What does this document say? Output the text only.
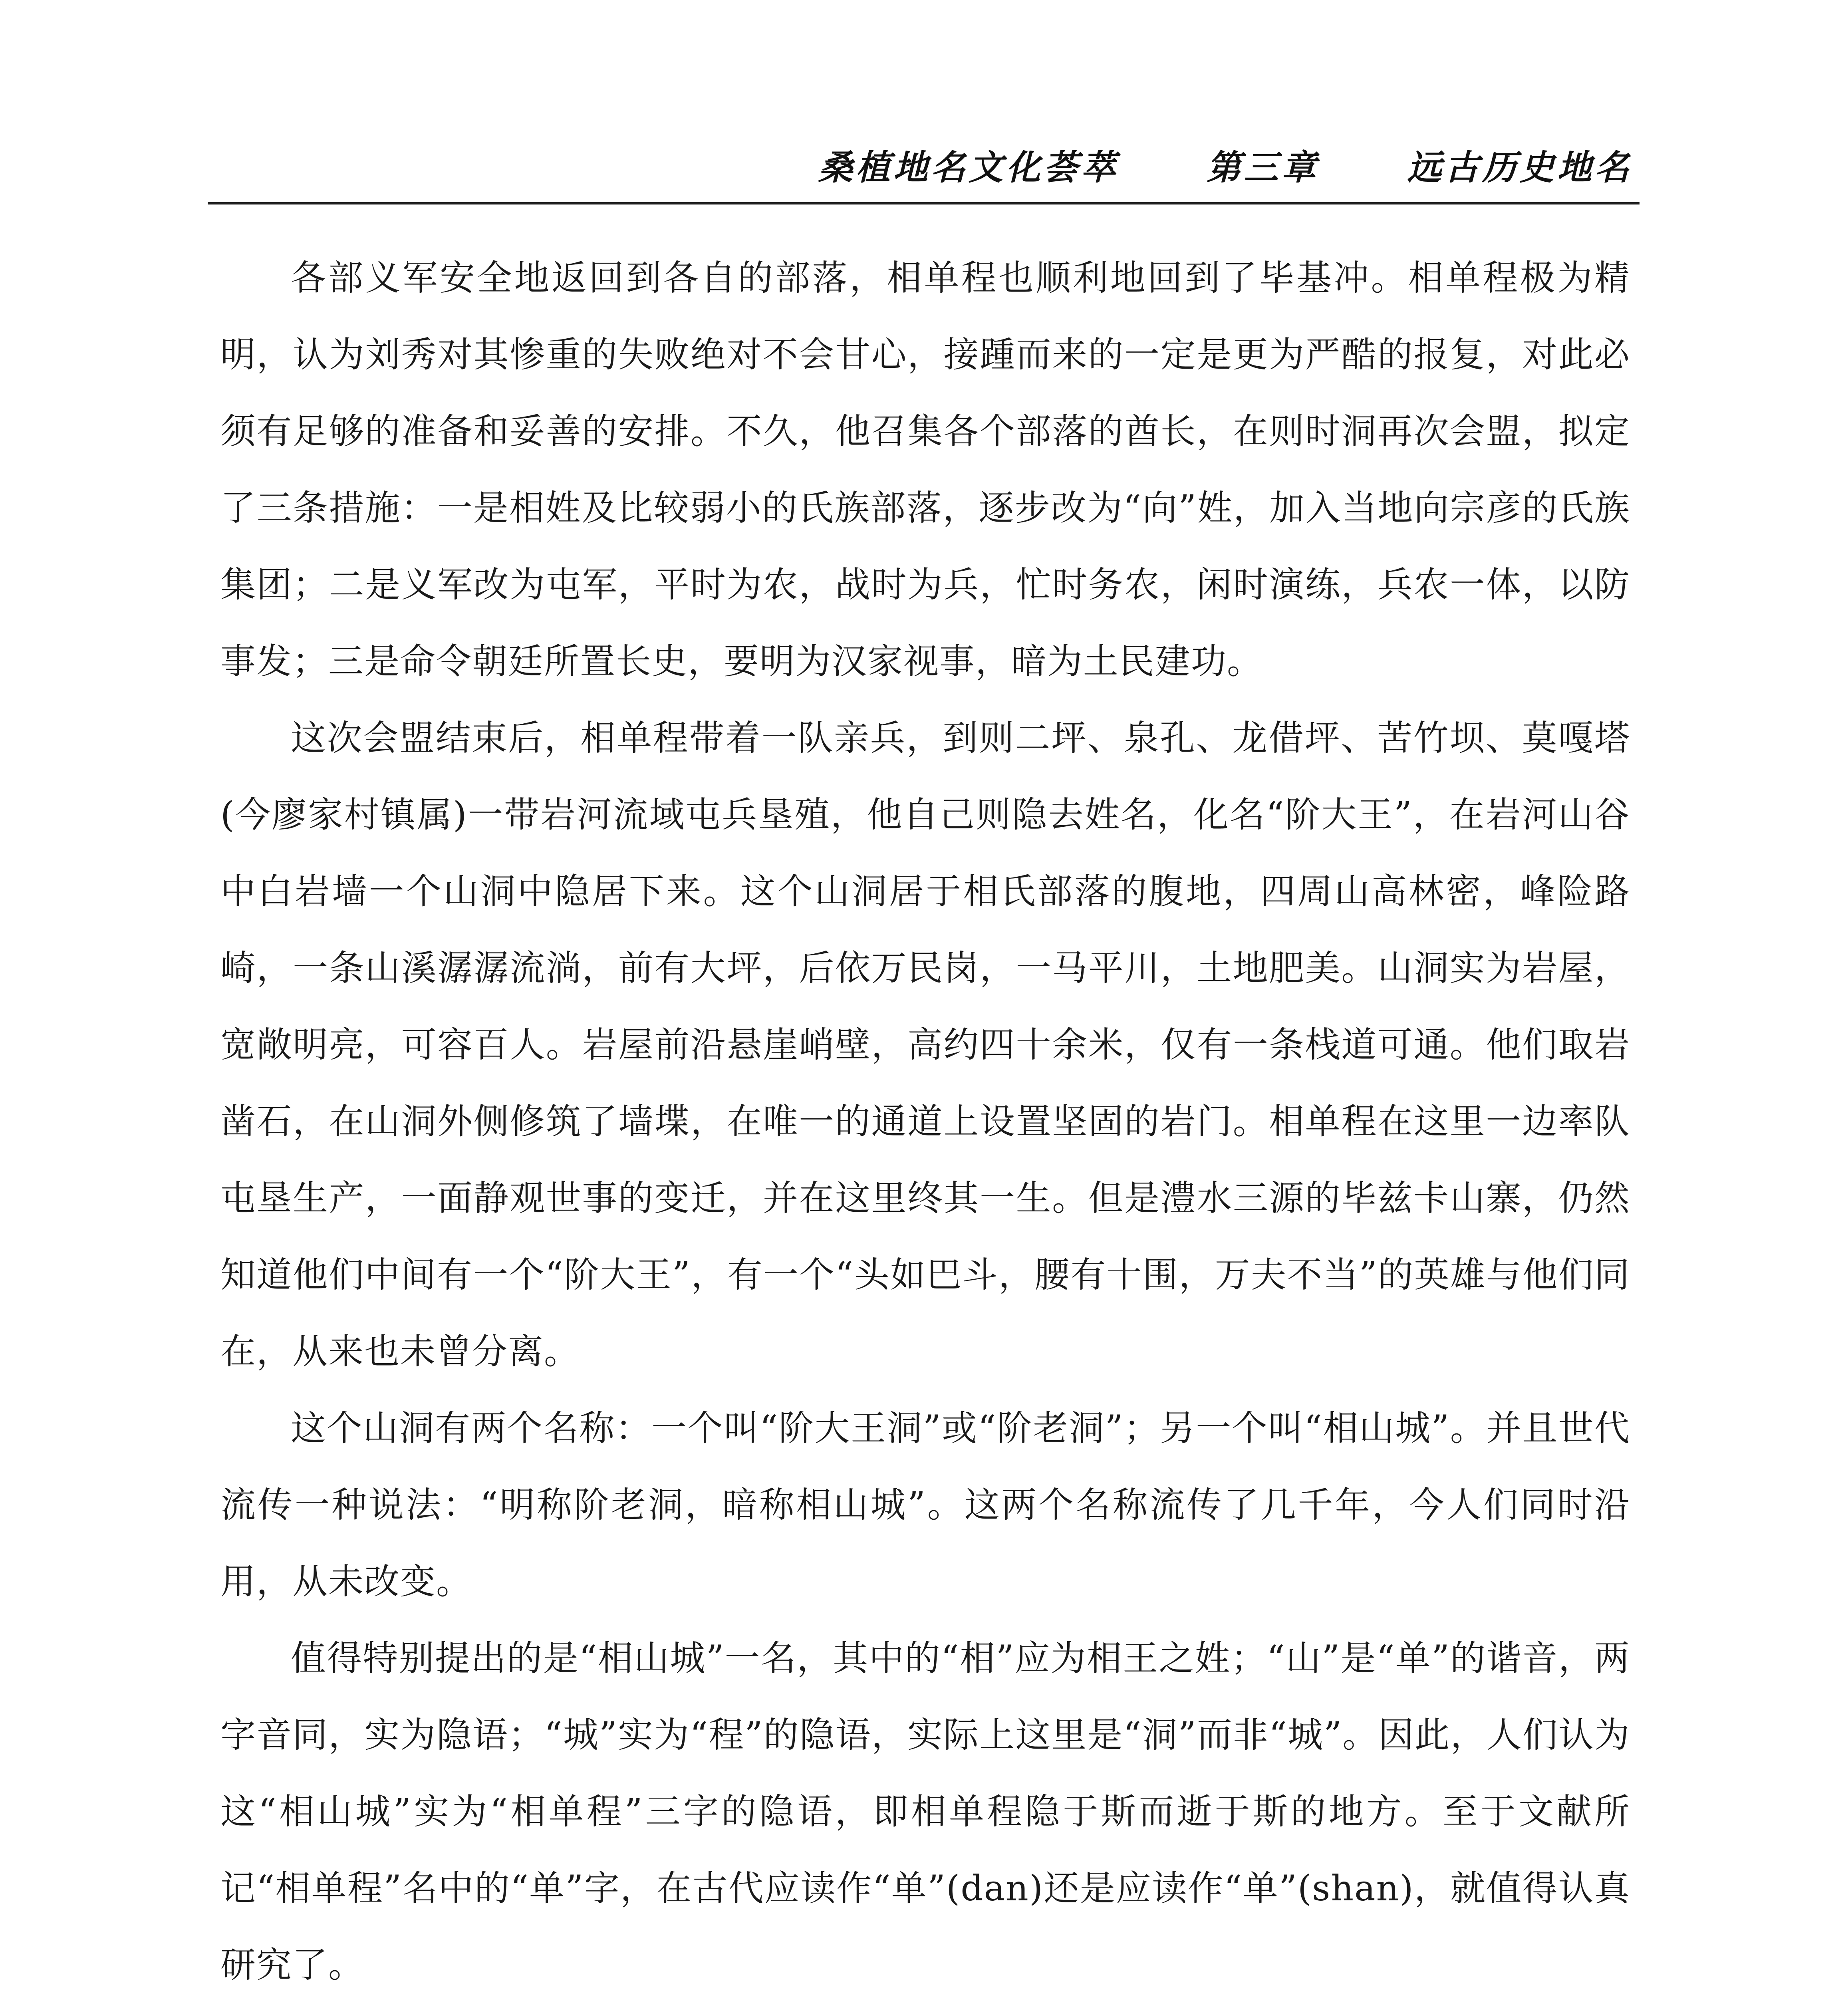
桑植地名文化荟萃	第三章	远古历史地名

各部义军安全地返回到各自的部落，相单程也顺利地回到了毕基冲。相单程极为精明，认为刘秀对其惨重的失败绝对不会甘心，接踵而来的一定是更为严酷的报复，对此必须有足够的准备和妥善的安排。不久，他召集各个部落的酋长，在则时洞再次会盟，拟定了三条措施：一是相姓及比较弱小的氏族部落，逐步改为“向”姓，加入当地向宗彦的氏族集团；二是义军改为屯军，平时为农，战时为兵，忙时务农，闲时演练，兵农一体，以防事发；三是命令朝廷所置长史，要明为汉家视事，暗为土民建功。

这次会盟结束后，相单程带着一队亲兵，到则二坪、泉孔、龙借坪、苦竹坝、莫嘎塔(今廖家村镇属)一带岩河流域屯兵垦殖，他自己则隐去姓名，化名“阶大王”，在岩河山谷中白岩墙一个山洞中隐居下来。这个山洞居于相氏部落的腹地，四周山高林密，峰险路崎，一条山溪潺潺流淌，前有大坪，后依万民岗，一马平川，土地肥美。山洞实为岩屋，宽敞明亮，可容百人。岩屋前沿悬崖峭壁，高约四十余米，仅有一条栈道可通。他们取岩凿石，在山洞外侧修筑了墙堞，在唯一的通道上设置坚固的岩门。相单程在这里一边率队屯垦生产，一面静观世事的变迁，并在这里终其一生。但是澧水三源的毕兹卡山寨，仍然知道他们中间有一个“阶大王”，有一个“头如巴斗，腰有十围，万夫不当”的英雄与他们同在，从来也未曾分离。

这个山洞有两个名称：一个叫“阶大王洞”或“阶老洞”；另一个叫“相山城”。并且世代流传一种说法：“明称阶老洞，暗称相山城”。这两个名称流传了几千年，今人们同时沿用，从未改变。

值得特别提出的是“相山城”一名，其中的“相”应为相王之姓；“山”是“单”的谐音，两字音同，实为隐语；“城”实为“程”的隐语，实际上这里是“洞”而非“城”。因此，人们认为这“相山城”实为“相单程”三字的隐语，即相单程隐于斯而逝于斯的地方。至于文献所记“相单程”名中的“单”字，在古代应读作“单”(dan)还是应读作“单”(shan)，就值得认真研究了。
